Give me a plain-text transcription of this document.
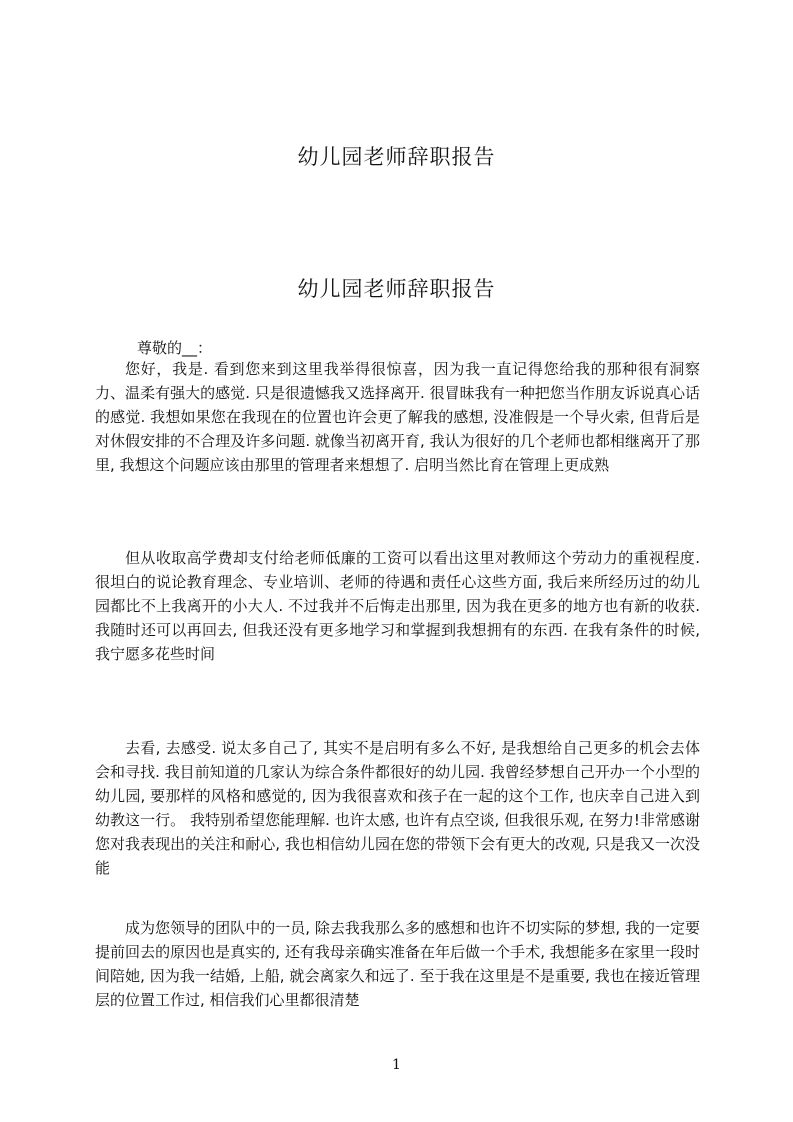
幼儿园老师辞职报告
幼儿园老师辞职报告
尊敬的__：

您好，我是. 看到您来到这里我举得很惊喜，因为我一直记得您给我的那种很有洞察力、温柔有强大的感觉. 只是很遗憾我又选择离开. 很冒昧我有一种把您当作朋友诉说真心话的感觉. 我想如果您在我现在的位置也许会更了解我的感想, 没准假是一个导火索, 但背后是对休假安排的不合理及许多问题. 就像当初离开育, 我认为很好的几个老师也都相继离开了那里, 我想这个问题应该由那里的管理者来想想了. 启明当然比育在管理上更成熟

但从收取高学费却支付给老师低廉的工资可以看出这里对教师这个劳动力的重视程度. 很坦白的说论教育理念、专业培训、老师的待遇和责任心这些方面, 我后来所经历过的幼儿园都比不上我离开的小大人. 不过我并不后悔走出那里, 因为我在更多的地方也有新的收获. 我随时还可以再回去, 但我还没有更多地学习和掌握到我想拥有的东西. 在我有条件的时候, 我宁愿多花些时间

去看, 去感受. 说太多自己了, 其实不是启明有多么不好, 是我想给自己更多的机会去体会和寻找. 我目前知道的几家认为综合条件都很好的幼儿园. 我曾经梦想自己开办一个小型的幼儿园, 要那样的风格和感觉的, 因为我很喜欢和孩子在一起的这个工作, 也庆幸自己进入到幼教这一行。 我特别希望您能理解. 也许太感, 也许有点空谈, 但我很乐观, 在努力!非常感谢您对我表现出的关注和耐心, 我也相信幼儿园在您的带领下会有更大的改观, 只是我又一次没能

成为您领导的团队中的一员, 除去我我那么多的感想和也许不切实际的梦想, 我的一定要提前回去的原因也是真实的, 还有我母亲确实准备在年后做一个手术, 我想能多在家里一段时间陪她, 因为我一结婚, 上船, 就会离家久和远了. 至于我在这里是不是重要, 我也在接近管理层的位置工作过, 相信我们心里都很清楚

1
